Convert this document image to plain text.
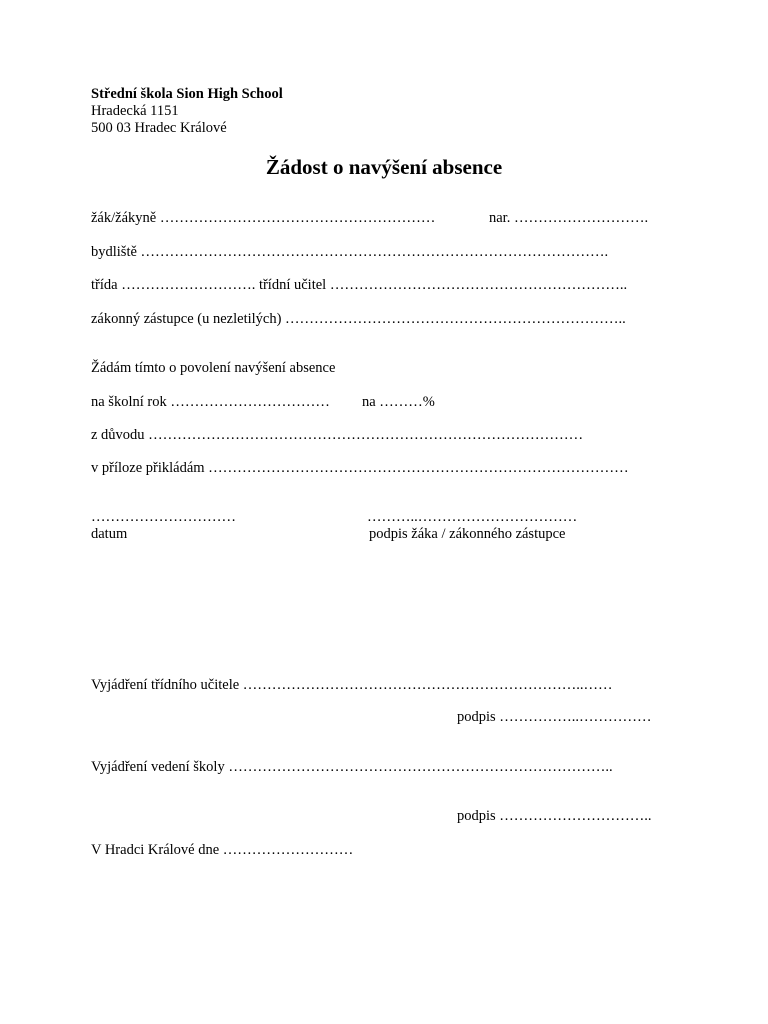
Střední škola Sion High School
Hradecká 1151
500 03 Hradec Králové
Žádost o navýšení absence
žák/žákyně …………………………………………………	nar. ……………………….
bydliště …………………………………………………………………………………….
třída ………………………. třídní učitel ……………………………………………………..
zákonný zástupce (u nezletilých) ……………………………………………………………..
Žádám tímto o povolení navýšení absence
na školní rok …………………………… na ………%
z důvodu ………………………………………………………………………………
v příloze přikládám ……………………………………………………………………………
…………………………
datum
………..……………………………
podpis žáka / zákonného zástupce
Vyjádření třídního učitele ……………………………………………………………..……
podpis ……………..……………
Vyjádření vedení školy ……………………………………………………………………..
podpis …………………………..
V Hradci Králové dne ………………………
